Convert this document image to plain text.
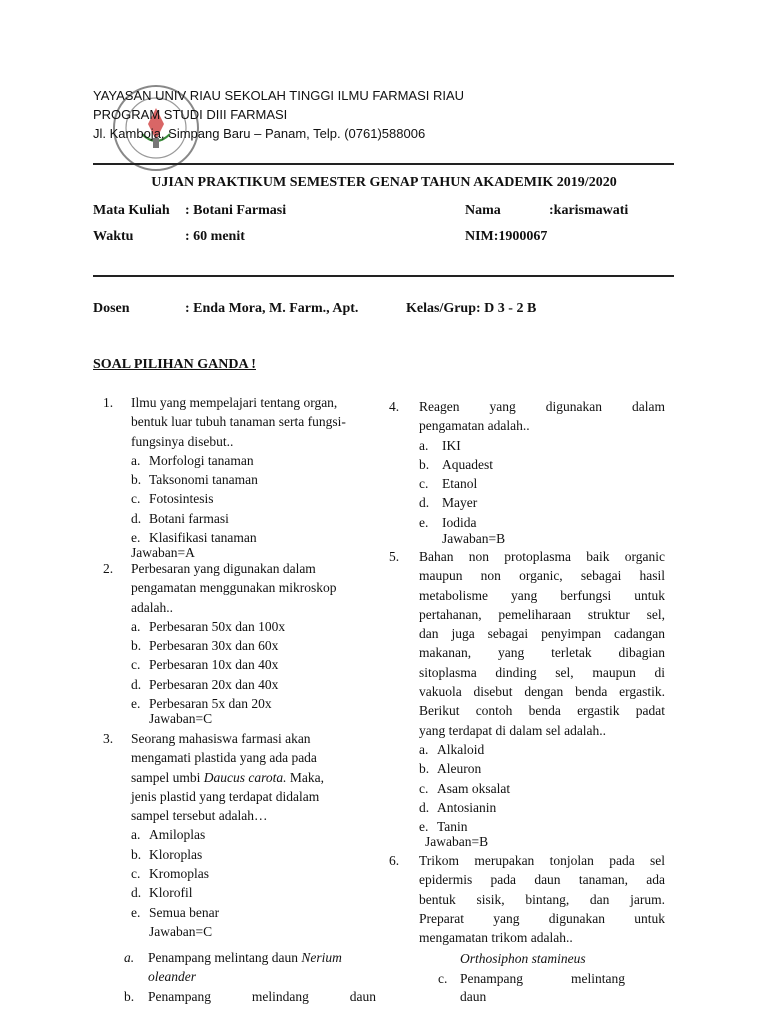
YAYASAN UNIV RIAU SEKOLAH TINGGI ILMU FARMASI RIAU
PROGRAM STUDI DIII FARMASI
Jl. Kamboja, Simpang Baru – Panam, Telp. (0761)588006
UJIAN PRAKTIKUM SEMESTER GENAP TAHUN AKADEMIK 2019/2020
Mata Kuliah : Botani Farmasi	Nama	:karismawati
Waktu	: 60 menit	NIM:1900067
Dosen	: Enda Mora, M. Farm., Apt.	Kelas/Grup: D 3 - 2 B
SOAL PILIHAN GANDA !
1. Ilmu yang mempelajari tentang organ,
bentuk luar tubuh tanaman serta fungsi-
fungsinya disebut..
a. Morfologi tanaman
b. Taksonomi tanaman
c. Fotosintesis
d. Botani farmasi
e. Klasifikasi tanaman
Jawaban=A
2. Perbesaran yang digunakan dalam
pengamatan menggunakan mikroskop
adalah..
a. Perbesaran 50x dan 100x
b. Perbesaran 30x dan 60x
c. Perbesaran 10x dan 40x
d. Perbesaran 20x dan 40x
e. Perbesaran 5x dan 20x
Jawaban=C
3. Seorang mahasiswa farmasi akan
mengamati plastida yang ada pada
sampel umbi Daucus carota. Maka,
jenis plastid yang terdapat didalam
sampel tersebut adalah…
a. Amiloplas
b. Kloroplas
c. Kromoplas
d. Klorofil
e. Semua benar
Jawaban=C
a. Penampang melintang daun Nerium
oleander
b. Penampang melindang daun
4. Reagen yang digunakan dalam
pengamatan adalah..
a. IKI
b. Aquadest
c. Etanol
d. Mayer
e. Iodida
Jawaban=B
5. Bahan non protoplasma baik organic
maupun non organic, sebagai hasil
metabolisme yang berfungsi untuk
pertahanan, pemeliharaan struktur sel,
dan juga sebagai penyimpan cadangan
makanan, yang terletak dibagian
sitoplasma dinding sel, maupun di
vakuola disebut dengan benda ergastik.
Berikut contoh benda ergastik padat
yang terdapat di dalam sel adalah..
a. Alkaloid
b. Aleuron
c. Asam oksalat
d. Antosianin
e. Tanin
Jawaban=B
6. Trikom merupakan tonjolan pada sel
epidermis pada daun tanaman, ada
bentuk sisik, bintang, dan jarum.
Preparat yang digunakan untuk
mengamatan trikom adalah..
Orthosiphon stamineus
c. Penampang melintang
daun
